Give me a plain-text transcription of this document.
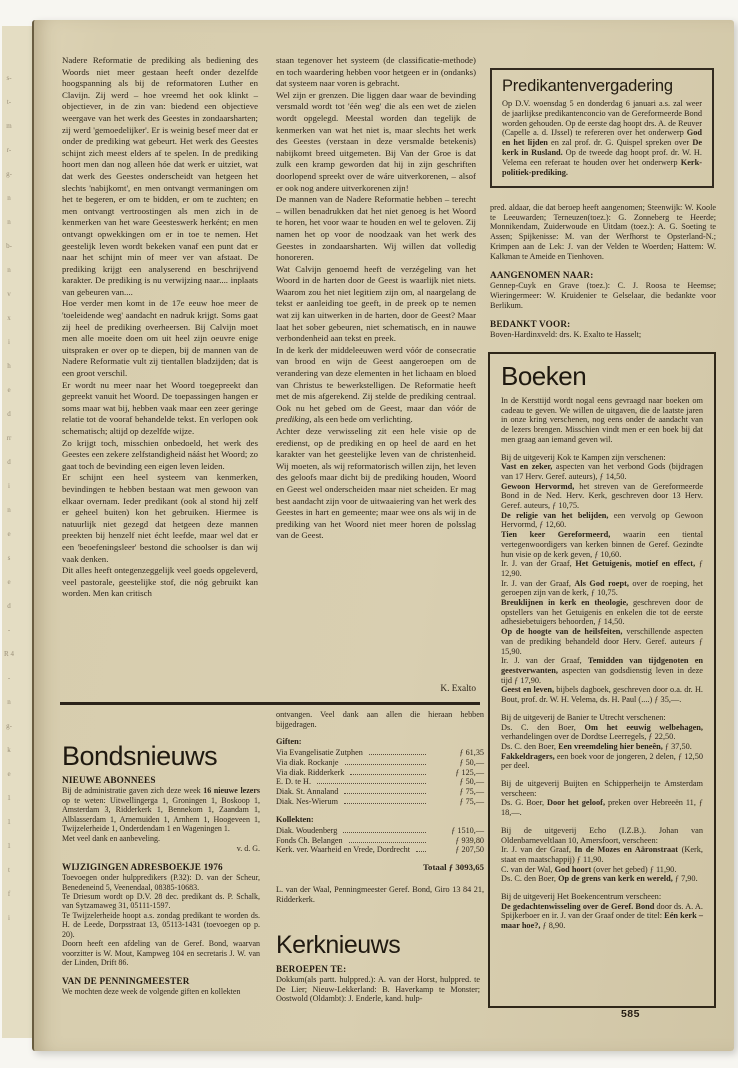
s-
t-
m
r-
g-
n
n
b-
n
v
x
i
h
e
d
rr
d
i
n
e
s
e
d
-
R 4
-
n
g-
k
e
1
1
1
t
f
i

Nadere Reformatie de prediking als bediening des Woords niet meer gestaan heeft onder dezelfde hoogspanning als bij de reformatoren Luther en Clavijn. Zij werd – hoe vreemd het ook klinkt – objectiever, in de zin van: biedend een objectieve weergave van het werk des Geestes in zondaarsharten; zij werd 'gemoedelijker'. Er is weinig besef meer dat er onder de prediking wat gebeurt. Het werk des Geestes schijnt zich meest elders af te spelen. In de prediking hoort men dan nog alleen hóe dat werk er uitziet, wat dat werk des Geestes onderscheidt van hetgeen het slechts 'nabijkomt', en men ontvangt vermaningen om het te begeren, er om te bidden, er om te zuchten; en men ontvangt vertroostingen als men zich in de kenmerken van het ware Geesteswerk herként; en men ontvangt opwekkingen om er in toe te nemen. Het geestelijk leven wordt bekeken vanaf een punt dat er naar het schijnt min of meer ver van afstaat. De prediking krijgt een analyserend en beschrijvend karakter. De prediking is nu verwijzing naar.... inplaats van gebeuren van....

Hoe verder men komt in de 17e eeuw hoe meer de 'toeleidende weg' aandacht en nadruk krijgt. Soms gaat zij heel de prediking overheersen. Bij Calvijn moet men alle moeite doen om uit heel zijn oeuvre enige uitspraken er over op te diepen, bij de mannen van de Nadere Reformatie vult zij tientallen bladzijden; dat is een groot verschil.

Er wordt nu meer naar het Woord toegepreekt dan gepreekt vanuit het Woord. De toepassingen hangen er soms maar wat bij, hebben vaak maar een zeer geringe relatie tot de vooraf behandelde tekst. En verlopen ook schematisch; altijd op dezelfde wijze.

Zo krijgt toch, misschien onbedoeld, het werk des Geestes een zekere zelfstandigheid náást het Woord; zo gaat toch de bevinding een eigen leven leiden.

Er schijnt een heel systeem van kenmerken, bevindingen te hebben bestaan wat men gewoon van elkaar overnam. Ieder predikant (ook al stond hij zelf er geheel buiten) kon het gebruiken. Hiermee is natuurlijk niet gezegd dat hetgeen deze mannen preekten bij henzelf niet écht leefde, maar wel dat er een 'beoefeningsleer' bestond die schoolser is dan wij vaak denken.

Dit alles heeft ontegenzeggelijk veel goeds opgeleverd, veel pastorale, geestelijke stof, die nóg gebruikt kan worden. Men kan critisch

Bondsnieuws
NIEUWE ABONNEES

Bij de administratie gaven zich deze week 16 nieuwe lezers op te weten: Uitwellingerga 1, Groningen 1, Boskoop 1, Amsterdam 3, Ridderkerk 1, Bennekom 1, Zaandam 1, Alblasserdam 1, Arnemuiden 1, Arnhem 1, Hoogeveen 1, Twijzelerheide 1, Onderdendam 1 en Wageningen 1.

Met veel dank en aanbeveling.

v. d. G.
WIJZIGINGEN ADRESBOEKJE 1976

Toevoegen onder hulppredikers (P.32): D. van der Scheur, Benedeneind 5, Veenendaal, 08385-10683.

Te Driesum wordt op D.V. 28 dec. predikant ds. P. Schalk, van Sytzamaweg 31, 05111-1597.

Te Twijzelerheide hoopt a.s. zondag predikant te worden ds. H. de Leede, Dorpsstraat 13, 05113-1431 (toevoegen op p. 20).

Doorn heeft een afdeling van de Geref. Bond, waarvan voorzitter is W. Mout, Kampweg 104 en secretaris J. W. van der Linden, Drift 86.

VAN DE PENNINGMEESTER

We mochten deze week de volgende giften en kollekten

staan tegenover het systeem (de classificatie-methode) en toch waardering hebben voor hetgeen er in (ondanks) dat systeem naar voren is gebracht.

Wel zijn er grenzen. Die liggen daar waar de bevinding versmald wordt tot 'één weg' die als een wet de zielen wordt opgelegd. Meestal worden dan tegelijk de kenmerken van wat het niet is, maar slechts het werk des Geestes (verstaan in deze versmalde betekenis) nabijkomt breed uitgemeten. Bij Van der Groe is dat zulk een kramp geworden dat hij in zijn geschriften doorlopend spreekt over de wáre uitverkorenen, – alsof er ook nog andere uitverkorenen zijn!

De mannen van de Nadere Reformatie hebben – terecht – willen benadrukken dat het niet genoeg is het Woord te horen, het voor waar te houden en wel te geloven. Zij namen het op voor de noodzaak van het werk des Geestes in zondaarsharten. Wij willen dat volledig honoreren.

Wat Calvijn genoemd heeft de verzégeling van het Woord in de harten door de Geest is waarlijk niet niets. Waarom zou het niet legitiem zijn om, al naargelang de tekst er aanleiding toe geeft, in de preek op te nemen wat zij kan uitwerken in de harten, door de Geest? Maar laat het sober gebeuren, niet schematisch, en in nauwe verbondenheid aan tekst en preek.

In de kerk der middeleeuwen werd vóór de consecratie van brood en wijn de Geest aangeroepen om de verandering van deze elementen in het lichaam en bloed van Christus te bewerkstelligen. De Reformatie heeft met de mis afgerekend. Zij stelde de prediking centraal. Ook nu het gebed om de Geest, maar dan vóór de prediking, als een bede om verlichting.

Achter deze verwisseling zit een hele visie op de eredienst, op de prediking en op heel de aard en het karakter van het geestelijke leven van de christenheid. Wij moeten, als wij reformatorisch willen zijn, het leven des geloofs maar dicht bij de prediking houden, Woord en Geest wel onderscheiden maar niet scheiden. Er mag best aandacht zijn voor de uitwaaiering van het werk des Geestes in hart en gemeente; maar wee ons als wij in de prediking van het Woord niet meer horen de polsslag van de Geest.

K. Exalto

ontvangen. Veel dank aan allen die hieraan hebben bijgedragen.

Giften:
Via Evangelisatie Zutphen	ƒ 61,35
Via diak. Rockanje	ƒ 50,—
Via diak. Ridderkerk	ƒ 125,—
E. D. te H.	ƒ 50,—
Diak. St. Annaland	ƒ 75,—
Diak. Nes-Wierum	ƒ 75,—
Kollekten:
Diak. Woudenberg	ƒ 1510,—
Fonds Ch. Belangen	ƒ 939,80
Kerk. ver. Waarheid en Vrede, Dordrecht	ƒ 207,50
Totaal ƒ 3093,65

L. van der Waal, Penningmeester Geref. Bond, Giro 13 84 21, Ridderkerk.

Kerknieuws
BEROEPEN TE:

Dokkum(als partt. hulppred.): A. van der Horst, hulppred. te De Lier; Nieuw-Lekkerland: B. Haverkamp te Monster; Oostwold (Oldambt): J. Enderle, kand. hulp-

Predikantenvergadering

Op D.V. woensdag 5 en donderdag 6 januari a.s. zal weer de jaarlijkse predikantenconcio van de Gereformeerde Bond worden gehouden. Op de eerste dag hoopt drs. A. de Reuver (Capelle a. d. IJssel) te refereren over het onderwerp God en het lijden en zal prof. dr. G. Quispel spreken over De kerk in Rusland. Op de tweede dag hoopt prof. dr. W. H. Velema een referaat te houden over het onderwerp Kerk-politiek-prediking.

pred. aldaar, die dat beroep heeft aangenomen; Steenwijk: W. Koole te Leeuwarden; Terneuzen(toez.): G. Zonneberg te Heerde; Monnikendam, Zuiderwoude en Uitdam (toez.): A. G. Soeting te Assen; Spijkenisse: M. van der Werfhorst te Opsterland-N.; Krimpen aan de Lek: J. van der Velden te Woerden; Hattem: W. Kalkman te Ameide en Tienhoven.

AANGENOMEN NAAR:

Gennep-Cuyk en Grave (toez.): C. J. Roosa te Heemse; Wieringermeer: W. Kruidenier te Gelselaar, die bedankte voor Berlikum.

BEDANKT VOOR:

Boven-Hardinxveld: drs. K. Exalto te Hasselt;

Boeken

In de Kersttijd wordt nogal eens gevraagd naar boeken om cadeau te geven. We willen de uitgaven, die de laatste jaren in onze kring verschenen, nog eens onder de aandacht van de lezers brengen. Misschien vindt men er een boek bij dat men graag aan iemand geven wil.

Bij de uitgeverij Kok te Kampen zijn verschenen:

Vast en zeker, aspecten van het verbond Gods (bijdragen van 17 Herv. Geref. auteurs), ƒ 14,50.

Gewoon Hervormd, het streven van de Gereformeerde Bond in de Ned. Herv. Kerk, geschreven door 13 Herv. Geref. auteurs, ƒ 10,75.

De religie van het belijden, een vervolg op Gewoon Hervormd, ƒ 12,60.

Tien keer Gereformeerd, waarin een tiental vertegenwoordigers van kerken binnen de Geref. Gezindte hun visie op de kerk geven, ƒ 10,60.

Ir. J. van der Graaf, Het Getuigenis, motief en effect, ƒ 12,90.

Ir. J. van der Graaf, Als God roept, over de roeping, het geroepen zijn van de kerk, ƒ 10,75.

Breuklijnen in kerk en theologie, geschreven door de opstellers van het Getuigenis en enkelen die tot de eerste adhesiebetuigers behoorden, ƒ 14,50.

Op de hoogte van de heilsfeiten, verschillende aspecten van de prediking behandeld door Herv. Geref. auteurs ƒ 15,90.

Ir. J. van der Graaf, Temidden van tijdgenoten en geestverwanten, aspecten van godsdienstig leven in deze tijd ƒ 17,90.

Geest en leven, bijbels dagboek, geschreven door o.a. dr. H. Bout, prof. dr. W. H. Velema, ds. H. Paul (....) ƒ 35,—.

Bij de uitgeverij de Banier te Utrecht verschenen:

Ds. C. den Boer, Om het eeuwig welbehagen, verhandelingen over de Dordtse Leerregels, ƒ 22,50.

Ds. C. den Boer, Een vreemdeling hier beneên, ƒ 37,50.

Fakkeldragers, een boek voor de jongeren, 2 delen, ƒ 12,50 per deel.

Bij de uitgeverij Buijten en Schipperheijn te Amsterdam verscheen:

Ds. G. Boer, Door het geloof, preken over Hebreeën 11, ƒ 18,—.

Bij de uitgeverij Echo (I.Z.B.). Johan van Oldenbarneveltlaan 10, Amersfoort, verscheen:

Ir. J. van der Graaf, In de Mozes en Aäronstraat (Kerk, staat en maatschappij) ƒ 11,90.

C. van der Wal, God hoort (over het gebed) ƒ 11,90.

Ds. C. den Boer, Op de grens van kerk en wereld, ƒ 7,90.

Bij de uitgeverij Het Boekencentrum verscheen:

De gedachtenwisseling over de Geref. Bond door ds. A. A. Spijkerboer en ir. J. van der Graaf onder de titel: Eén kerk – maar hoe?, ƒ 8,90.

585
